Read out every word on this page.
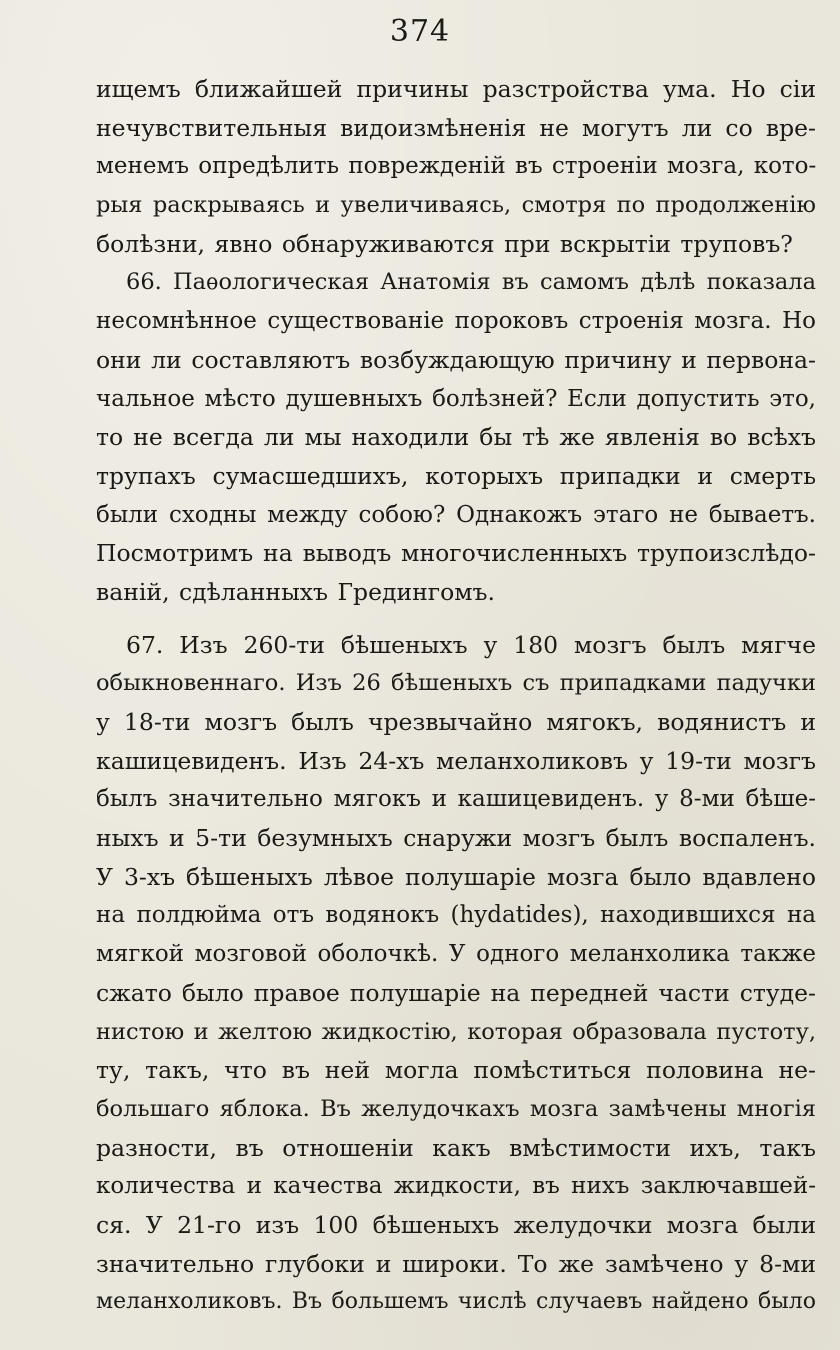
374
ищемъ ближайшей причины разстройства ума. Но сіи
нечувствительныя видоизмѣненія не могутъ ли со вре-
менемъ опредѣлить поврежденій въ строеніи мозга, кото-
рыя раскрываясь и увеличиваясь, смотря по продолженію
болѣзни, явно обнаруживаются при вскрытіи труповъ?
66. Паѳологическая Анатомія въ самомъ дѣлѣ показала
несомнѣнное существованіе пороковъ строенія мозга. Но
они ли составляютъ возбуждающую причину и первона-
чальное мѣсто душевныхъ болѣзней? Если допустить это,
то не всегда ли мы находили бы тѣ же явленія во всѣхъ
трупахъ сумасшедшихъ, которыхъ припадки и смерть
были сходны между собою? Однакожъ этаго не бываетъ.
Посмотримъ на выводъ многочисленныхъ трупоизслѣдо-
ваній, сдѣланныхъ Гредингомъ.
67. Изъ 260-ти бѣшеныхъ у 180 мозгъ былъ мягче
обыкновеннаго. Изъ 26 бѣшеныхъ съ припадками падучки
у 18-ти мозгъ былъ чрезвычайно мягокъ, водянистъ и
кашицевиденъ. Изъ 24-хъ меланхоликовъ у 19-ти мозгъ
былъ значительно мягокъ и кашицевиденъ. у 8-ми бѣше-
ныхъ и 5-ти безумныхъ снаружи мозгъ былъ воспаленъ.
У 3-хъ бѣшеныхъ лѣвое полушаріе мозга было вдавлено
на полдюйма отъ водянокъ (hydatides), находившихся на
мягкой мозговой оболочкѣ. У одного меланхолика также
сжато было правое полушаріе на передней части студе-
нистою и желтою жидкостію, которая образовала пустоту,
ту, такъ, что въ ней могла помѣститься половина не-
большаго яблока. Въ желудочкахъ мозга замѣчены многія
разности, въ отношеніи какъ вмѣстимости ихъ, такъ
количества и качества жидкости, въ нихъ заключавшей-
ся. У 21-го изъ 100 бѣшеныхъ желудочки мозга были
значительно глубоки и широки. То же замѣчено у 8-ми
меланхоликовъ. Въ большемъ числѣ случаевъ найдено было
